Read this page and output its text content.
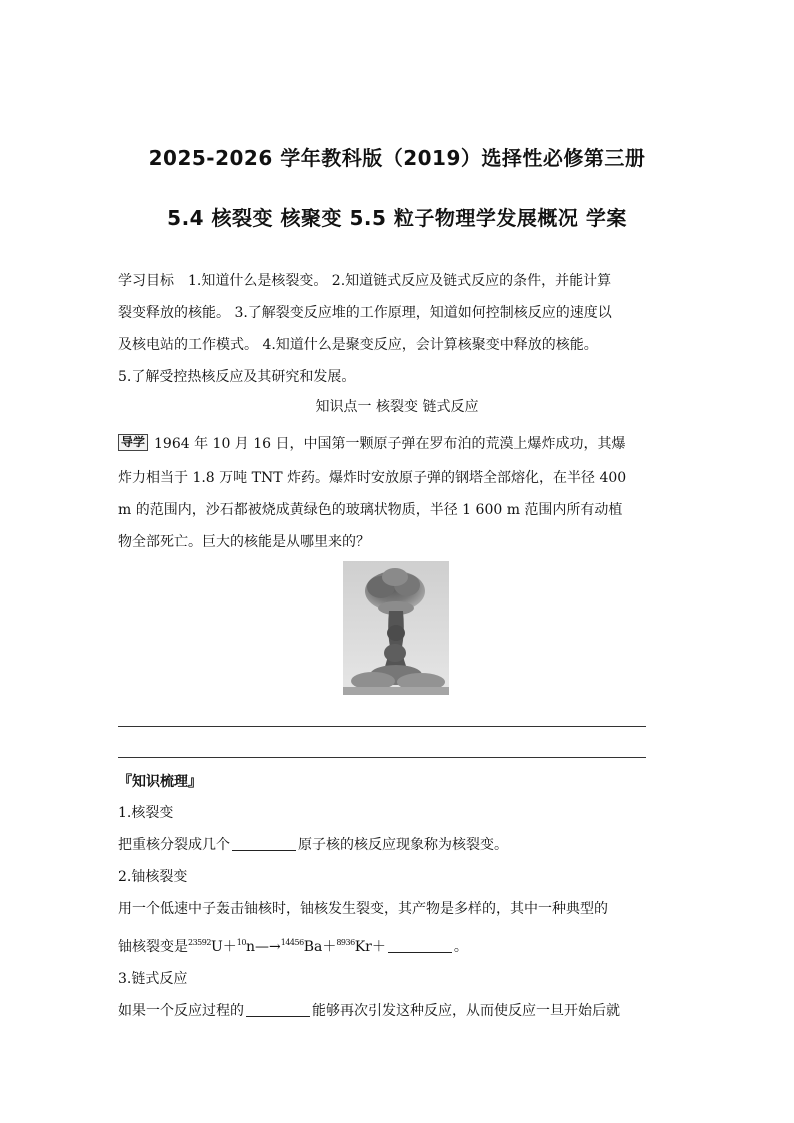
2025-2026 学年教科版（2019）选择性必修第三册
5.4 核裂变 核聚变 5.5 粒子物理学发展概况 学案
学习目标 1.知道什么是核裂变。 2.知道链式反应及链式反应的条件，并能计算
裂变释放的核能。 3.了解裂变反应堆的工作原理，知道如何控制核反应的速度以
及核电站的工作模式。 4.知道什么是聚变反应，会计算核聚变中释放的核能。
5.了解受控热核反应及其研究和发展。
知识点一 核裂变 链式反应
导学 1964 年 10 月 16 日，中国第一颗原子弹在罗布泊的荒漠上爆炸成功，其爆
炸力相当于 1.8 万吨 TNT 炸药。爆炸时安放原子弹的钢塔全部熔化，在半径 400
m 的范围内，沙石都被烧成黄绿色的玻璃状物质，半径 1 600 m 范围内所有动植
物全部死亡。巨大的核能是从哪里来的？
『知识梳理』
1.核裂变
把重核分裂成几个	原子核的核反应现象称为核裂变。
2.铀核裂变
用一个低速中子轰击铀核时，铀核发生裂变，其产物是多样的，其中一种典型的
铀核裂变是$^{23592}$U＋$^{10}$n—→$^{14456}$Ba＋$^{8936}$Kr＋	。
3.链式反应
如果一个反应过程的	能够再次引发这种反应，从而使反应一旦开始后就
